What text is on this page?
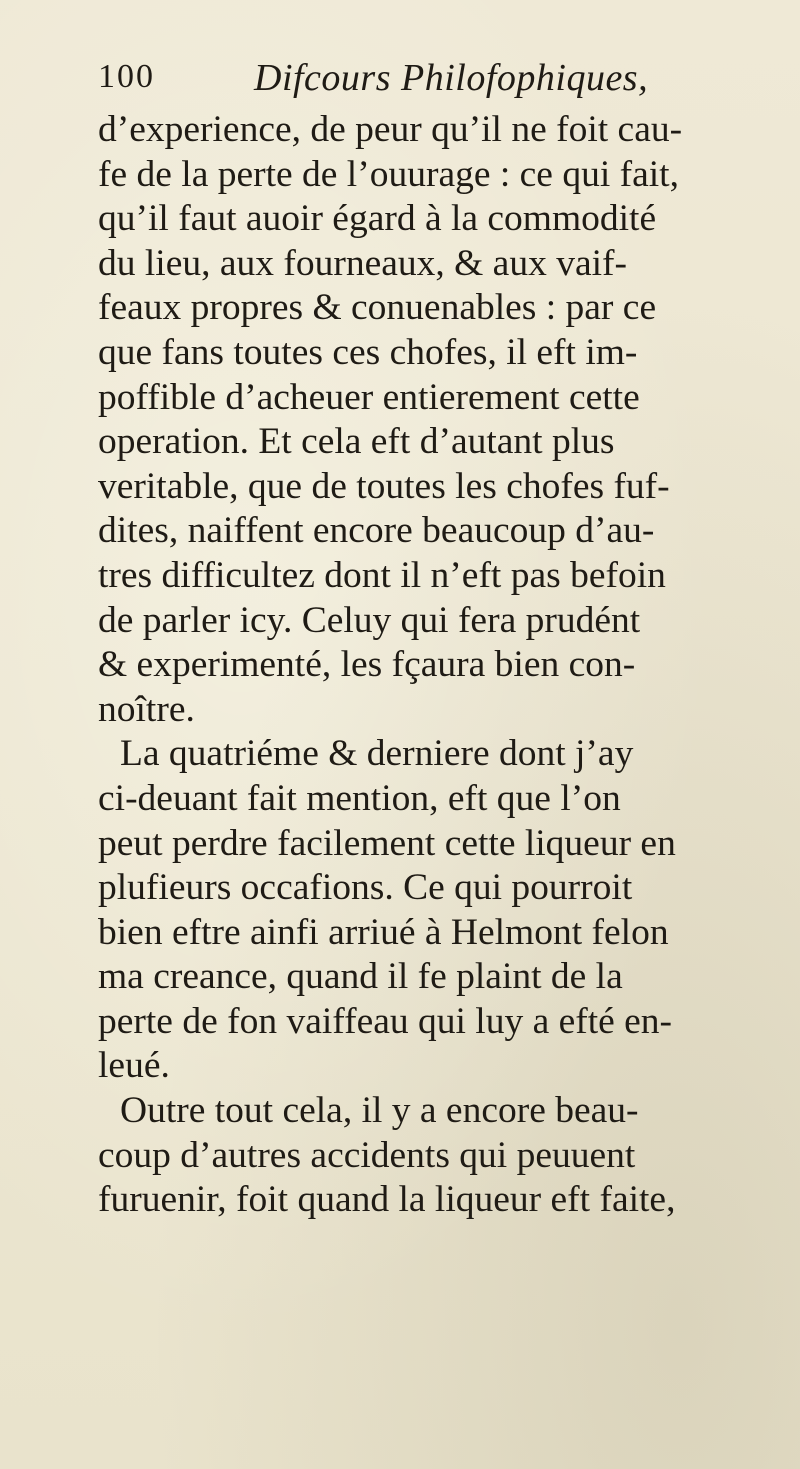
100	Difcours Philofophiques,
d’experience, de peur qu’il ne foit cau-
fe de la perte de l’ouurage : ce qui fait,
qu’il faut auoir égard à la commodité
du lieu, aux fourneaux, & aux vaif-
feaux propres & conuenables : par ce
que fans toutes ces chofes, il eft im-
poffible d’acheuer entierement cette
operation. Et cela eft d’autant plus
veritable, que de toutes les chofes fuf-
dites, naiffent encore beaucoup d’au-
tres difficultez dont il n’eft pas befoin
de parler icy. Celuy qui fera prudént
& experimenté, les fçaura bien con-
noître.
La quatriéme & derniere dont j’ay
ci-deuant fait mention, eft que l’on
peut perdre facilement cette liqueur en
plufieurs occafions. Ce qui pourroit
bien eftre ainfi arriué à Helmont felon
ma creance, quand il fe plaint de la
perte de fon vaiffeau qui luy a efté en-
leué.
Outre tout cela, il y a encore beau-
coup d’autres accidents qui peuuent
furuenir, foit quand la liqueur eft faite,
